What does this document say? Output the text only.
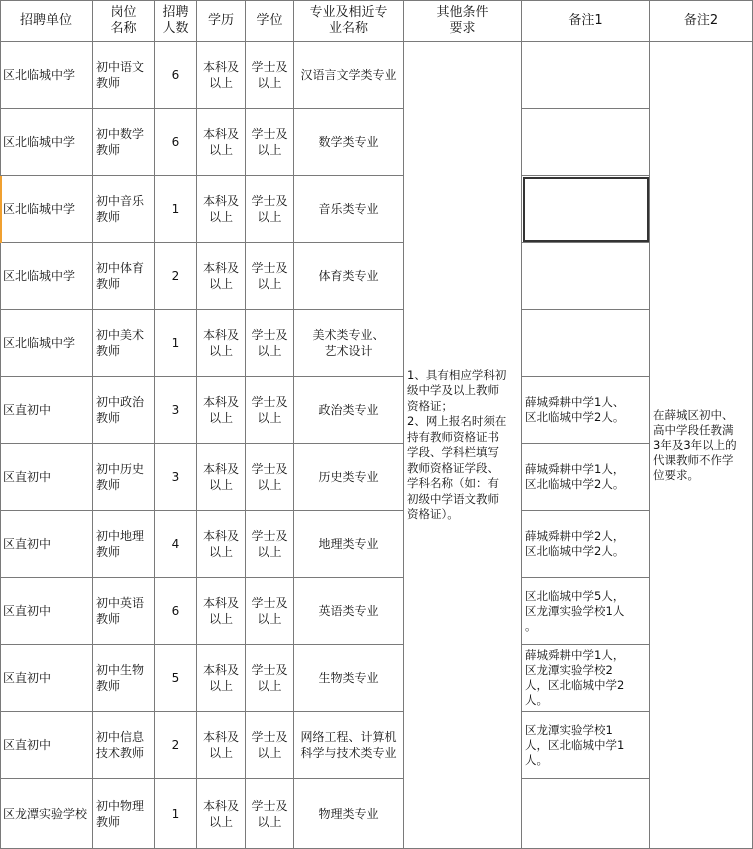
招聘单位
岗位
名称
招聘
人数
学历 学位
专业及相近专
业名称
其他条件
要求
备注1	备注2
区北临城中学
初中语文
教师
6
本科及
以上
学士及
以上
汉语言文学类专业
区北临城中学
初中数学
教师
6
本科及
以上
学士及
以上
数学类专业
区北临城中学
初中音乐
教师
1
本科及
以上
学士及
以上
音乐类专业
区北临城中学
初中体育
教师
2
本科及
以上
学士及
以上
体育类专业
区北临城中学
初中美术
教师
1
本科及
以上
学士及
以上
美术类专业、
艺术设计
区直初中
初中政治
教师
3
本科及
以上
学士及
以上
政治类专业
薛城舜耕中学1人、
区北临城中学2人。
区直初中
初中历史
教师
3
本科及
以上
学士及
以上
历史类专业
薛城舜耕中学1人，
区北临城中学2人。
区直初中
初中地理
教师
4
本科及
以上
学士及
以上
地理类专业
薛城舜耕中学2人，
区北临城中学2人。
区直初中
初中英语
教师
6
本科及
以上
学士及
以上
英语类专业
区北临城中学5人，
区龙潭实验学校1人
。
区直初中
初中生物
教师
5
本科及
以上
学士及
以上
生物类专业
薛城舜耕中学1人，
区龙潭实验学校2
人，区北临城中学2
人。
区直初中
初中信息
技术教师
2
本科及
以上
学士及
以上
网络工程、计算机
科学与技术类专业
区龙潭实验学校1
人，区北临城中学1
人。
区龙潭实验学校
初中物理
教师
1
本科及
以上
学士及
以上
物理类专业
1、具有相应学科初
级中学及以上教师
资格证；
2、网上报名时须在
持有教师资格证书
学段、学科栏填写
教师资格证学段、
学科名称（如：有
初级中学语文教师
资格证）。
在薛城区初中、
高中学段任教满
3年及3年以上的
代课教师不作学
位要求。
